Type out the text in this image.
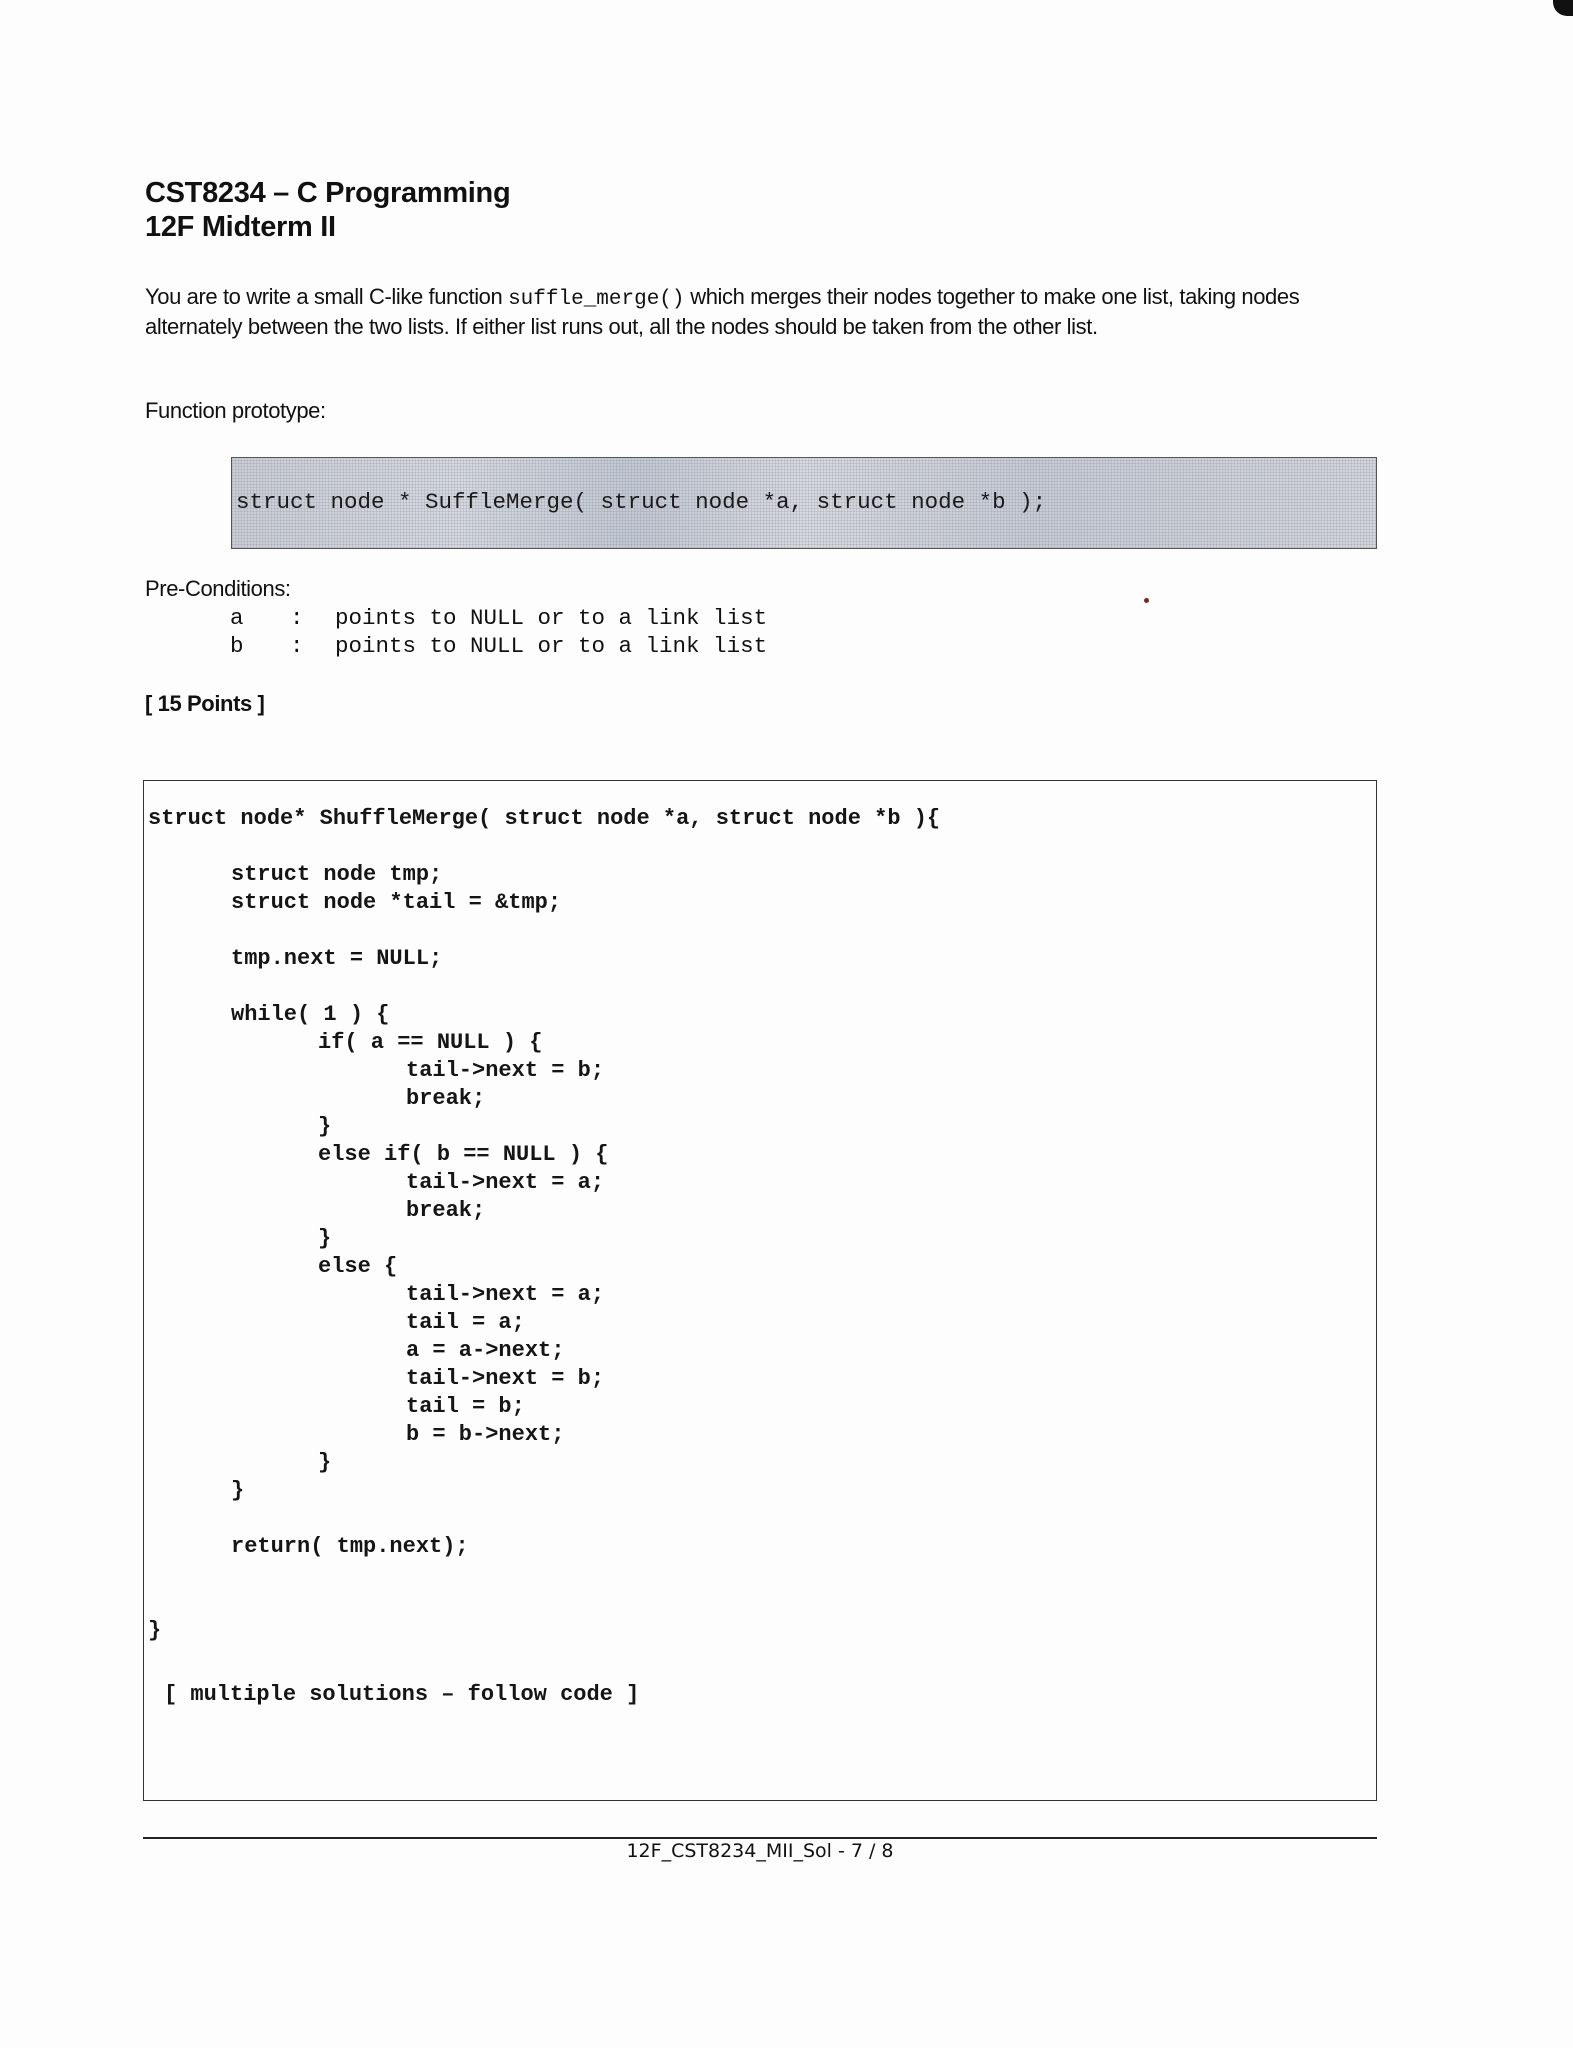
CST8234 – C Programming
12F Midterm II
You are to write a small C-like function suffle_merge() which merges their nodes together to make one list, taking nodes alternately between the two lists. If either list runs out, all the nodes should be taken from the other list.
Function prototype:
struct node * SuffleMerge( struct node *a, struct node *b );
Pre-Conditions:
a : points to NULL or to a link list
b : points to NULL or to a link list
[ 15 Points ]
struct node* ShuffleMerge( struct node *a, struct node *b ){
struct node tmp;
struct node *tail = &tmp;
tmp.next = NULL;
while( 1 ) {
if( a == NULL ) {
tail->next = b;
break;
}
else if( b == NULL ) {
tail->next = a;
break;
}
else {
tail->next = a;
tail = a;
a = a->next;
tail->next = b;
tail = b;
b = b->next;
}
}
return( tmp.next);
}
[ multiple solutions – follow code ]
12F_CST8234_MII_Sol - 7 / 8
